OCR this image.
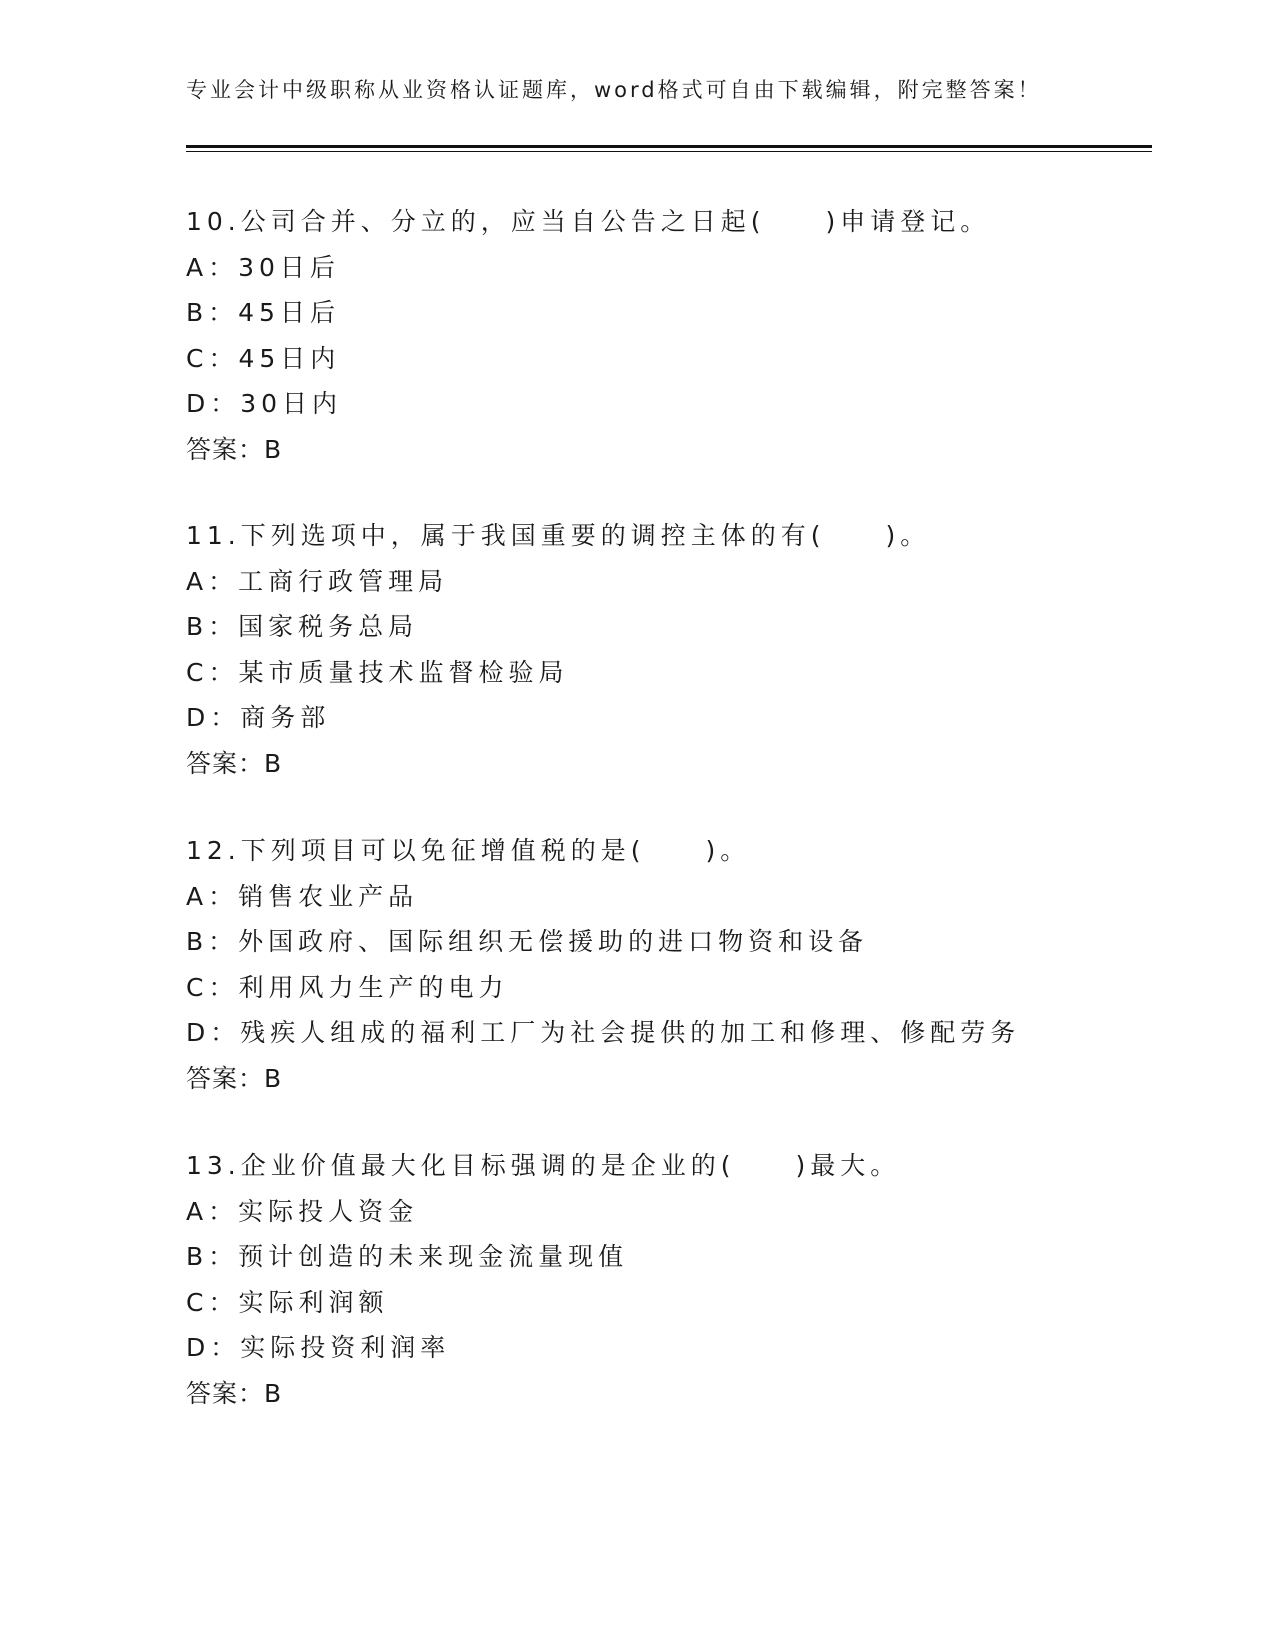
专业会计中级职称从业资格认证题库，word格式可自由下载编辑，附完整答案！
10.公司合并、分立的，应当自公告之日起(　　)申请登记。
A：30日后
B：45日后
C：45日内
D：30日内
答案：B
11.下列选项中，属于我国重要的调控主体的有(　　)。
A：工商行政管理局
B：国家税务总局
C：某市质量技术监督检验局
D：商务部
答案：B
12.下列项目可以免征增值税的是(　　)。
A：销售农业产品
B：外国政府、国际组织无偿援助的进口物资和设备
C：利用风力生产的电力
D：残疾人组成的福利工厂为社会提供的加工和修理、修配劳务
答案：B
13.企业价值最大化目标强调的是企业的(　　)最大。
A：实际投人资金
B：预计创造的未来现金流量现值
C：实际利润额
D：实际投资利润率
答案：B
